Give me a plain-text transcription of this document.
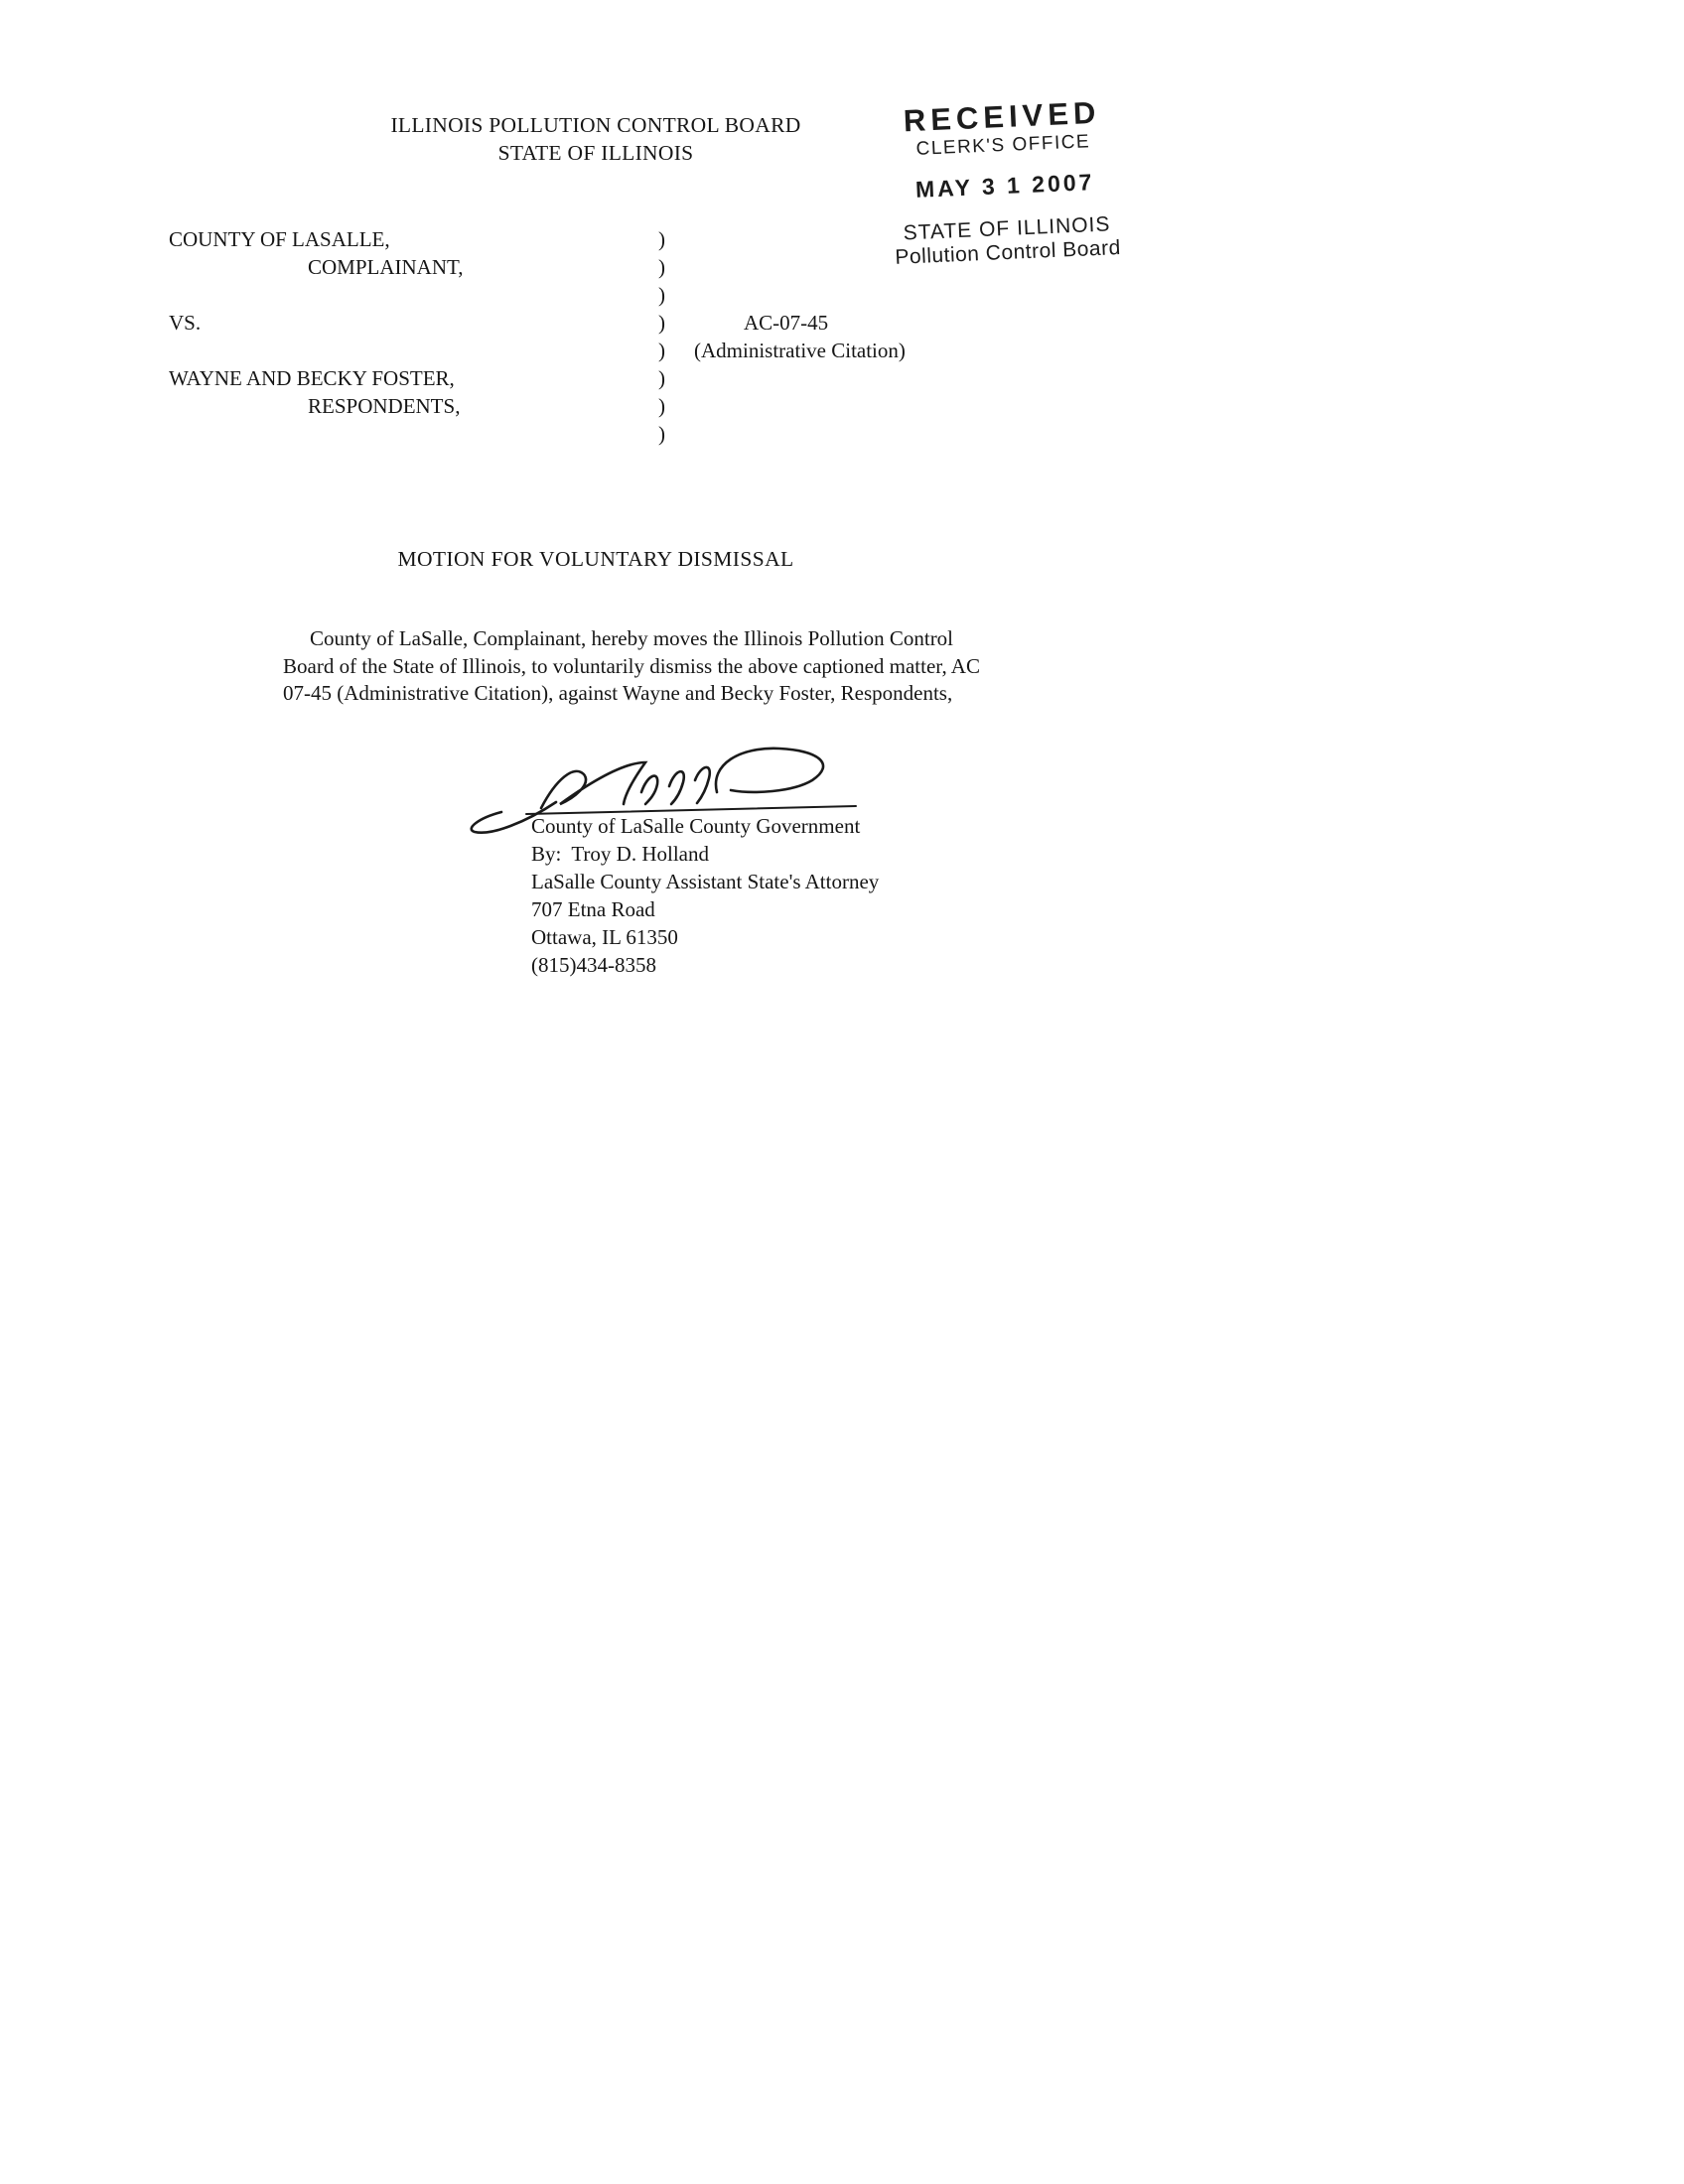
ILLINOIS POLLUTION CONTROL BOARD
STATE OF ILLINOIS
RECEIVED
CLERK'S OFFICE
MAY 3 1 2007
STATE OF ILLINOIS
Pollution Control Board
COUNTY OF LASALLE,	)
COMPLAINANT,	)
)
VS.	)	AC-07-45
)	(Administrative Citation)
WAYNE AND BECKY FOSTER,	)
RESPONDENTS,	)
)
MOTION FOR VOLUNTARY DISMISSAL
County of LaSalle, Complainant, hereby moves the Illinois Pollution Control Board of the State of Illinois, to voluntarily dismiss the above captioned matter, AC 07-45 (Administrative Citation), against Wayne and Becky Foster, Respondents,
County of LaSalle County Government
By: Troy D. Holland
LaSalle County Assistant State's Attorney
707 Etna Road
Ottawa, IL 61350
(815)434-8358
